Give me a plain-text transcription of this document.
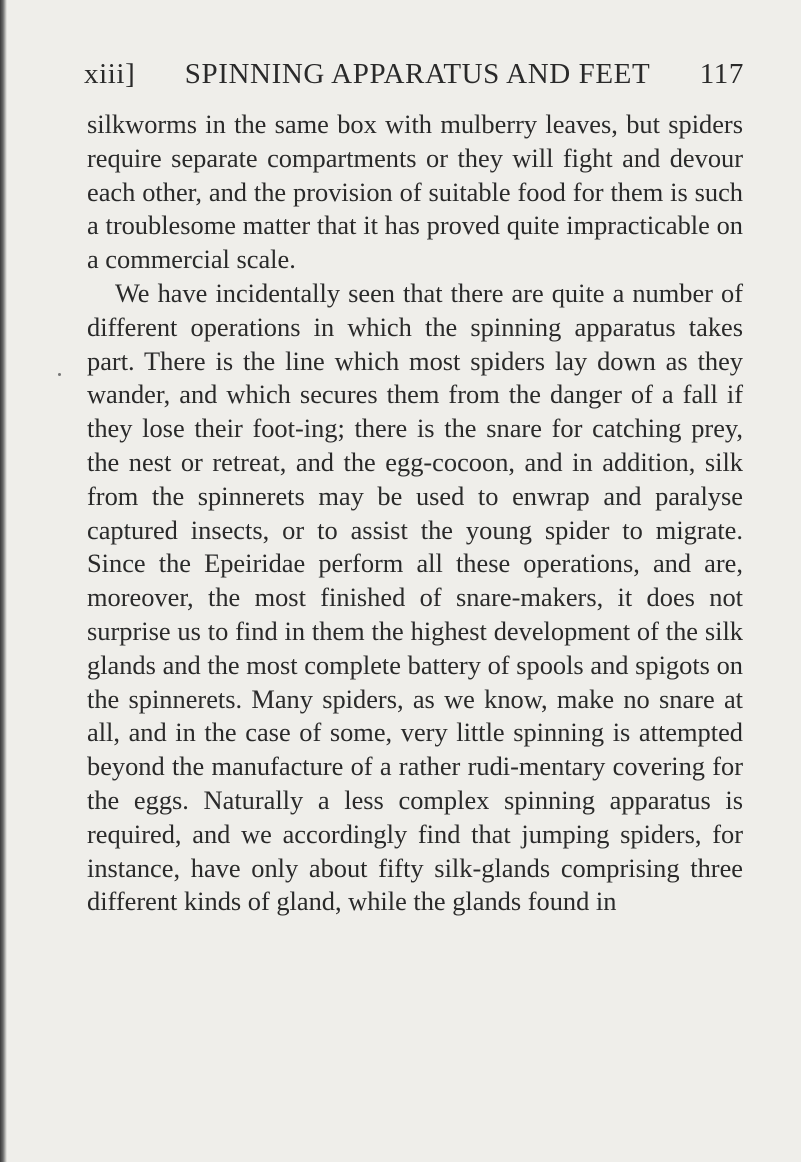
xiii]	SPINNING APPARATUS AND FEET	117

silkworms in the same box with mulberry leaves, but spiders require separate compartments or they will fight and devour each other, and the provision of suitable food for them is such a troublesome matter that it has proved quite impracticable on a commercial scale.

We have incidentally seen that there are quite a number of different operations in which the spinning apparatus takes part. There is the line which most spiders lay down as they wander, and which secures them from the danger of a fall if they lose their foot-ing; there is the snare for catching prey, the nest or retreat, and the egg-cocoon, and in addition, silk from the spinnerets may be used to enwrap and paralyse captured insects, or to assist the young spider to migrate. Since the Epeiridae perform all these operations, and are, moreover, the most finished of snare-makers, it does not surprise us to find in them the highest development of the silk glands and the most complete battery of spools and spigots on the spinnerets. Many spiders, as we know, make no snare at all, and in the case of some, very little spinning is attempted beyond the manufacture of a rather rudi-mentary covering for the eggs. Naturally a less complex spinning apparatus is required, and we accordingly find that jumping spiders, for instance, have only about fifty silk-glands comprising three different kinds of gland, while the glands found in
